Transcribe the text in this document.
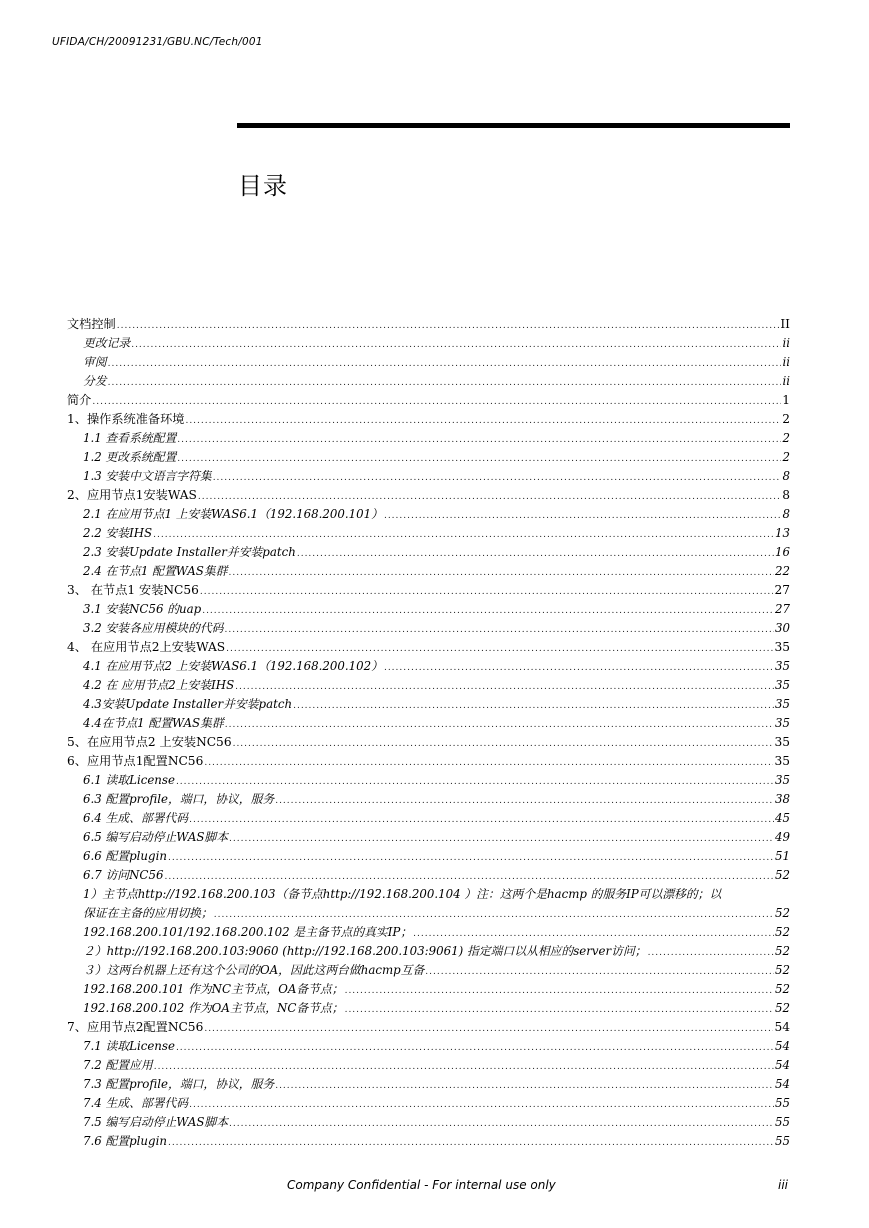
UFIDA/CH/20091231/GBU.NC/Tech/001
目录
文档控制 .....	II
更改记录 .....	ii
审阅 .....	ii
分发 .....	ii
简介 .....	1
1、操作系统准备环境 .....	2
1.1 查看系统配置 .....	2
1.2 更改系统配置 .....	2
1.3 安装中文语言字符集 .....	8
2、应用节点1安装WAS .....	8
2.1 在应用节点1 上安装WAS6.1（192.168.200.101） .....	8
2.2 安装IHS .....	13
2.3 安装Update Installer并安装patch .....	16
2.4 在节点1 配置WAS集群 .....	22
3、 在节点1 安装NC56 .....	27
3.1 安装NC56 的uap .....	27
3.2 安装各应用模块的代码 .....	30
4、 在应用节点2上安装WAS .....	35
4.1 在应用节点2 上安装WAS6.1（192.168.200.102） .....	35
4.2 在 应用节点2上安装IHS .....	35
4.3安装Update Installer并安装patch .....	35
4.4在节点1 配置WAS集群 .....	35
5、在应用节点2 上安装NC56 .....	35
6、应用节点1配置NC56 .....	35
6.1 读取License .....	35
6.3 配置profile，端口，协议，服务 .....	38
6.4 生成、部署代码 .....	45
6.5 编写启动停止WAS脚本 .....	49
6.6 配置plugin .....	51
6.7 访问NC56 .....	52
1）主节点http://192.168.200.103（备节点http://192.168.200.104 ）注：这两个是hacmp 的服务IP可以漂移的；以
保证在主备的应用切换； .....	52
192.168.200.101/192.168.200.102 是主备节点的真实IP； .....	52
２）http://192.168.200.103:9060 (http://192.168.200.103:9061) 指定端口以从相应的server访问； .....	52
３）这两台机器上还有这个公司的OA，因此这两台做hacmp互备 .....	52
192.168.200.101 作为NC主节点，OA备节点； .....	52
192.168.200.102 作为OA主节点，NC备节点； .....	52
7、应用节点2配置NC56 .....	54
7.1 读取License .....	54
7.2 配置应用 .....	54
7.3 配置profile，端口，协议，服务 .....	54
7.4 生成、部署代码 .....	55
7.5 编写启动停止WAS脚本 .....	55
7.6 配置plugin .....	55
Company Confidential - For internal use only	iii
